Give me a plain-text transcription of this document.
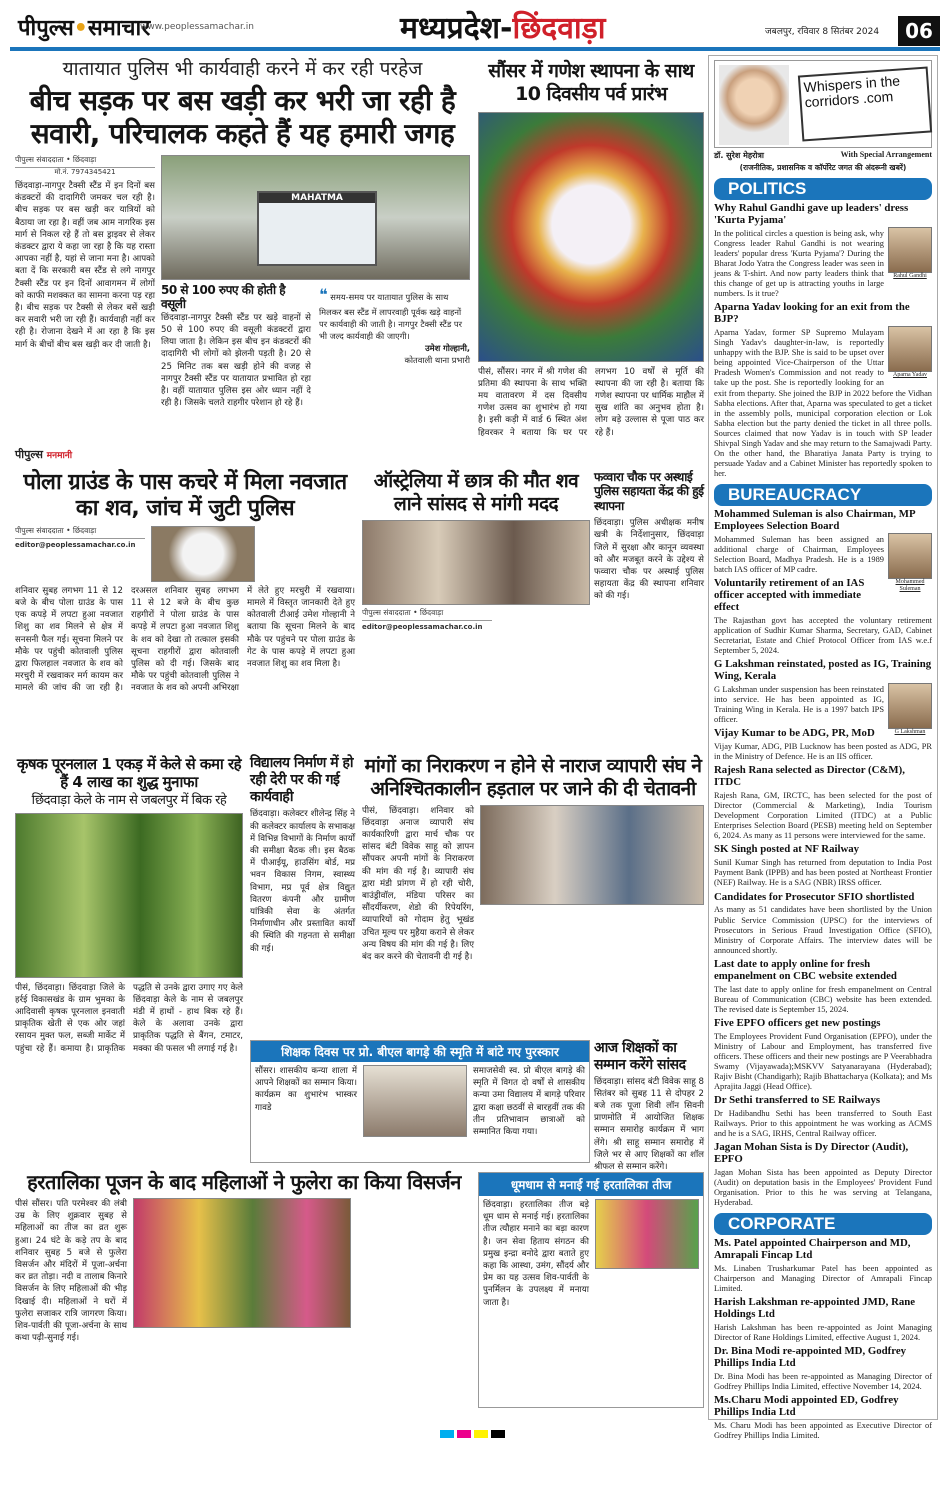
पीपुल्स•समाचार
www.peoplessamachar.in	मध्यप्रदेश-छिंदवाड़ा	जबलपुर, रविवार 8 सितंबर 2024	06
यातायात पुलिस भी कार्यवाही करने में कर रही परहेज
बीच सड़क पर बस खड़ी कर भरी जा रही है सवारी, परिचालक कहते हैं यह हमारी जगह
पीपुल्स संवाददाता • छिंदवाड़ा
मो.नं. 7974345421
छिंदवाड़ा-नागपुर टैक्सी स्टैंड में इन दिनों बस कंडक्टरों की दादागिरी जमकर चल रही है। बीच सड़क पर बस खड़ी कर यात्रियों को बैठाया जा रहा है। वहीं जब आम नागरिक इस मार्ग से निकल रहे हैं तो बस ड्राइवर से लेकर कंडक्टर द्वारा ये कहा जा रहा है कि यह रास्ता आपका नहीं है, यहां से जाना मना है। आपको बता दें कि सरकारी बस स्टैंड से लगे नागपुर टैक्सी स्टैंड पर इन दिनों आवागमन में लोगों को काफी मशक्कत का सामना करना पड़ रहा है। बीच सड़क पर टैक्सी से लेकर बसें खड़ी कर सवारी भरी जा रही हैं। कार्यवाही नहीं कर रही है। रोजाना देखने में आ रहा है कि इस मार्ग के बीचों बीच बस खड़ी कर दी जाती है।
पीपुल्स मनमानी
MAHATMA
50 से 100 रुपए की होती है वसूली
छिंदवाड़ा-नागपुर टैक्सी स्टैंड पर खड़े वाहनों से 50 से 100 रुपए की वसूली कंडक्टरों द्वारा लिया जाता है। लेकिन इस बीच इन कंडक्टरों की दादागिरी भी लोगों को झेलनी पड़ती है। 20 से 25 मिनिट तक बस खड़ी होने की वजह से नागपुर टैक्सी स्टैंड पर यातायात प्रभावित हो रहा है। वहीं यातायात पुलिस इस ओर ध्यान नहीं दे रही है। जिसके चलते राहगीर परेशान हो रहे हैं।
❝ समय-समय पर यातायात पुलिस के साथ मिलकर बस स्टैंड में लापरवाही पूर्वक खड़े वाहनों पर कार्यवाही की जाती है। नागपुर टैक्सी स्टैंड पर भी जल्द कार्यवाही की जाएगी।
उमेश गोल्हानी,
कोतवाली थाना प्रभारी
सौंसर में गणेश स्थापना के साथ 10 दिवसीय पर्व प्रारंभ
पीसं, सौंसर। नगर में श्री गणेश की प्रतिमा की स्थापना के साथ भक्ति मय वातावरण में दस दिवसीय गणेश उत्सव का शुभारंभ हो गया है। इसी कड़ी में वार्ड 6 स्थित अंश हिवरकर ने बताया कि घर पर लगभग 10 वर्षों से मूर्ति की स्थापना की जा रही है। बताया कि गणेश स्थापना पर धार्मिक माहौल में सुख शांति का अनुभव होता है। लोग बड़े उल्लास से पूजा पाठ कर रहे हैं।
पोला ग्राउंड के पास कचरे में मिला नवजात का शव, जांच में जुटी पुलिस
पीपुल्स संवाददाता • छिंदवाड़ा
editor@peoplessamachar.co.in
शनिवार सुबह लगभग 11 से 12 बजे के बीच पोला ग्राउंड के पास एक कपड़े में लपटा हुआ नवजात शिशु का शव मिलने से क्षेत्र में सनसनी फैल गई। सूचना मिलने पर मौके पर पहुंची कोतवाली पुलिस द्वारा फिलहाल नवजात के शव को मरचुरी में रखवाकर मर्ग कायम कर मामले की जांच की जा रही है। दरअसल शनिवार सुबह लगभग 11 से 12 बजे के बीच कुछ राहगीरों ने पोला ग्राउंड के पास कपड़े में लपटा हुआ नवजात शिशु के शव को देखा तो तत्काल इसकी सूचना राहगीरों द्वारा कोतवाली पुलिस को दी गई। जिसके बाद मौके पर पहुंची कोतवाली पुलिस ने नवजात के शव को अपनी अभिरक्षा में लेते हुए मरचुरी में रखवाया। मामले में विस्तृत जानकारी देते हुए कोतवाली टीआई उमेश गोल्हानी ने बताया कि सूचना मिलने के बाद मौके पर पहुंचने पर पोला ग्राउंड के गेट के पास कपड़े में लपटा हुआ नवजात शिशु का शव मिला है।
ऑस्ट्रेलिया में छात्र की मौत शव लाने सांसद से मांगी मदद
पीपुल्स संवाददाता • छिंदवाड़ा
editor@peoplessamachar.co.in
फव्वारा चौक पर अस्थाई पुलिस सहायता केंद्र की हुई स्थापना
छिंदवाड़ा। पुलिस अधीक्षक मनीष खत्री के निर्देशानुसार, छिंदवाड़ा जिले में सुरक्षा और कानून व्यवस्था को और मजबूत करने के उद्देश्य से फव्वारा चौक पर अस्थाई पुलिस सहायता केंद्र की स्थापना शनिवार को की गई।
कृषक पूरनलाल 1 एकड़ में केले से कमा रहे हैं 4 लाख का शुद्ध मुनाफा
छिंदवाड़ा केले के नाम से जबलपुर में बिक रहे
पीसं, छिंदवाड़ा। छिंदवाड़ा जिले के हर्रई विकासखंड के ग्राम भुमका के आदिवासी कृषक पूरनलाल इनवाती प्राकृतिक खेती से एक ओर जहां रसायन मुक्त फल, सब्जी मार्केट में पहुंचा रहे हैं। कमाया है। प्राकृतिक पद्धति से उनके द्वारा उगाए गए केले छिंदवाड़ा केले के नाम से जबलपुर मंडी में हाथों - हाथ बिक रहे हैं। केले के अलावा उनके द्वारा प्राकृतिक पद्धति से बैंगन, टमाटर, मक्का की फसल भी लगाई गई है।
विद्यालय निर्माण में हो रही देरी पर की गई कार्यवाही
छिंदवाड़ा। कलेक्टर शीलेन्द्र सिंह ने की कलेक्टर कार्यालय के सभाकक्ष में विभिन्न विभागों के निर्माण कार्यों की समीक्षा बैठक ली। इस बैठक में पीआईयू, हाउसिंग बोर्ड, मप्र भवन विकास निगम, स्वास्थ्य विभाग, मप्र पूर्व क्षेत्र विद्युत वितरण कंपनी और ग्रामीण यांत्रिकी सेवा के अंतर्गत निर्माणाधीन और प्रस्तावित कार्यों की स्थिति की गहनता से समीक्षा की गई।
मांगों का निराकरण न होने से नाराज व्यापारी संघ ने अनिश्चितकालीन हड़ताल पर जाने की दी चेतावनी
पीसं, छिंदवाड़ा। शनिवार को छिंदवाड़ा अनाज व्यापारी संघ कार्यकारिणी द्वारा मार्च चौक पर सांसद बंटी विवेक साहू को ज्ञापन सौंपकर अपनी मांगों के निराकरण की मांग की गई है। व्यापारी संघ द्वारा मंडी प्रांगण में हो रही चोरी, बाउंड्रीवॉल, मंडिया परिसर का सौंदर्यीकरण, शेडो की रिपेयरिंग, व्यापारियों को गोदाम हेतु भूखंड उचित मूल्य पर मुहैया कराने से लेकर अन्य विषय की मांग की गई है। लिए बंद कर करने की चेतावनी दी गई है।
शिक्षक दिवस पर प्रो. बीएल बागड़े की स्मृति में बांटे गए पुरस्कार
सौंसर। शासकीय कन्या शाला में आपने शिक्षकों का सम्मान किया। कार्यक्रम का शुभारंभ भास्कर गावडे
समाजसेवी स्व. प्रो बीएल बागड़े की स्मृति में विगत दो वर्षों से शासकीय कन्या उमा विद्यालय में बागड़े परिवार द्वारा कक्षा छठवीं से बारहवीं तक की तीन प्रतिभावान छात्राओं को सम्मानित किया गया।
आज शिक्षकों का सम्मान करेंगे सांसद
छिंदवाड़ा। सांसद बंटी विवेक साहू 8 सितंबर को सुबह 11 से दोपहर 2 बजे तक पूजा शिवी लॉन सिवनी प्राणमोति में आयोजित शिक्षक सम्मान समारोह कार्यक्रम में भाग लेंगे। श्री साहू सम्मान समारोह में जिले भर से आए शिक्षकों का शॉल श्रीफल से सम्मान करेंगे।
हरतालिका पूजन के बाद महिलाओं ने फुलेरा का किया विसर्जन
पीसं सौंसर। पति परमेश्वर की लंबी उम्र के लिए शुक्रवार सुबह से महिलाओं का तीज का व्रत शुरू हुआ। 24 घंटे के कड़े तप के बाद शनिवार सुबह 5 बजे से फुलेरा विसर्जन और मंदिरों में पूजा-अर्चना कर व्रत तोड़ा। नदी व तालाब किनारे विसर्जन के लिए महिलाओं की भीड़ दिखाई दी। महिलाओं ने घरों में फुलेरा सजाकर रात्रि जागरण किया। शिव-पार्वती की पूजा-अर्चना के साथ कथा पढ़ी-सुनाई गई।
धूमधाम से मनाई गई हरतालिका तीज
छिंदवाड़ा। हरतालिका तीज बड़े धूम धाम से मनाई गई। हरतालिका तीज त्यौहार मनाने का बड़ा कारण है। जन सेवा हिताय संगठन की प्रमुख इन्द्रा बनोदे द्वारा बताते हुए कहा कि आस्था, उमंग, सौंदर्य और प्रेम का यह उत्सव शिव-पार्वती के पुनर्मिलन के उपलक्ष्य में मनाया जाता है।
Whispers in the corridors .com
डॉ. सुरेश मेहरोत्रा	With Special Arrangement
(राजनीतिक, प्रशासनिक व कॉर्पोरेट जगत की अंदरूनी खबरें)
POLITICS
Why Rahul Gandhi gave up leaders' dress 'Kurta Pyjama'
Rahul Gandhi
In the political circles a question is being ask, why Congress leader Rahul Gandhi is not wearing leaders' popular dress 'Kurta Pyjama'? During the Bharat Jodo Yatra the Congress leader was seen in jeans & T-shirt. And now party leaders think that this change of get up is attracting youths in large numbers. Is it true?
Aparna Yadav looking for an exit from the BJP?
Aparna Yadav
Aparna Yadav, former SP Supremo Mulayam Singh Yadav's daughter-in-law, is reportedly unhappy with the BJP. She is said to be upset over being appointed Vice-Chairperson of the Uttar Pradesh Women's Commission and not ready to take up the post. She is reportedly looking for an exit from theparty. She joined the BJP in 2022 before the Vidhan Sabha elections. After that, Aparna was speculated to get a ticket in the assembly polls, municipal corporation election or Lok Sabha election but the party denied the ticket in all three polls. Sources claimed that now Yadav is in touch with SP leader Shivpal Singh Yadav and she may return to the Samajwadi Party. On the other hand, the Bharatiya Janata Party is trying to persuade Yadav and a Cabinet Minister has reportedly spoken to her.
BUREAUCRACY
Mohammed Suleman is also Chairman, MP Employees Selection Board
Mohammed Suleman
Mohammed Suleman has been assigned an additional charge of Chairman, Employees Selection Board, Madhya Pradesh. He is a 1989 batch IAS officer of MP cadre.
Voluntarily retirement of an IAS officer accepted with immediate effect
The Rajasthan govt has accepted the voluntary retirement application of Sudhir Kumar Sharma, Secretary, GAD, Cabinet Secretariat, Estate and Chief Protocol Officer from IAS w.e.f September 5, 2024.
G Lakshman reinstated, posted as IG, Training Wing, Kerala
G Lakshman
G Lakshman under suspension has been reinstated into service. He has been appointed as IG, Training Wing in Kerala. He is a 1997 batch IPS officer.
Vijay Kumar to be ADG, PR, MoD
Vijay Kumar, ADG, PIB Lucknow has been posted as ADG, PR in the Ministry of Defence. He is an IIS officer.
Rajesh Rana selected as Director (C&M), ITDC
Rajesh Rana, GM, IRCTC, has been selected for the post of Director (Commercial & Marketing), India Tourism Development Corporation Limited (ITDC) at a Public Enterprises Selection Board (PESB) meeting held on September 6, 2024. As many as 11 persons were interviewed for the same.
SK Singh posted at NF Railway
Sunil Kumar Singh has returned from deputation to India Post Payment Bank (IPPB) and has been posted at Northeast Frontier (NEF) Railway. He is a SAG (NBR) IRSS officer.
Candidates for Prosecutor SFIO shortlisted
As many as 51 candidates have been shortlisted by the Union Public Service Commission (UPSC) for the interviews of Prosecutors in Serious Fraud Investigation Office (SFIO), Ministry of Corporate Affairs. The interview dates will be announced shortly.
Last date to apply online for fresh empanelment on CBC website extended
The last date to apply online for fresh empanelment on Central Bureau of Communication (CBC) website has been extended. The revised date is September 15, 2024.
Five EPFO officers get new postings
The Employees Provident Fund Organisation (EPFO), under the Ministry of Labour and Employment, has transferred five officers. These officers and their new postings are P Veerabhadra Swamy (Vijayawada);MSKVV Satyanarayana (Hyderabad); Rajiv Bisht (Chandigarh); Rajib Bhattacharya (Kolkata); and Ms Aprajita Jaggi (Head Office).
Dr Sethi transferred to SE Railways
Dr Hadibandhu Sethi has been transferred to South East Railways. Prior to this appointment he was working as ACMS and he is a SAG, IRHS, Central Railway officer.
Jagan Mohan Sista is Dy Director (Audit), EPFO
Jagan Mohan Sista has been appointed as Deputy Director (Audit) on deputation basis in the Employees' Provident Fund Organisation. Prior to this he was serving at Telangana, Hyderabad.
CORPORATE
Ms. Patel appointed Chairperson and MD, Amrapali Fincap Ltd
Ms. Linaben Trusharkumar Patel has been appointed as Chairperson and Managing Director of Amrapali Fincap Limited.
Harish Lakshman re-appointed JMD, Rane Holdings Ltd
Harish Lakshman has been re-appointed as Joint Managing Director of Rane Holdings Limited, effective August 1, 2024.
Dr. Bina Modi re-appointed MD, Godfrey Phillips India Ltd
Dr. Bina Modi has been re-appointed as Managing Director of Godfrey Phillips India Limited, effective November 14, 2024.
Ms.Charu Modi appointed ED, Godfrey Phillips India Ltd
Ms. Charu Modi has been appointed as Executive Director of Godfrey Phillips India Limited.
